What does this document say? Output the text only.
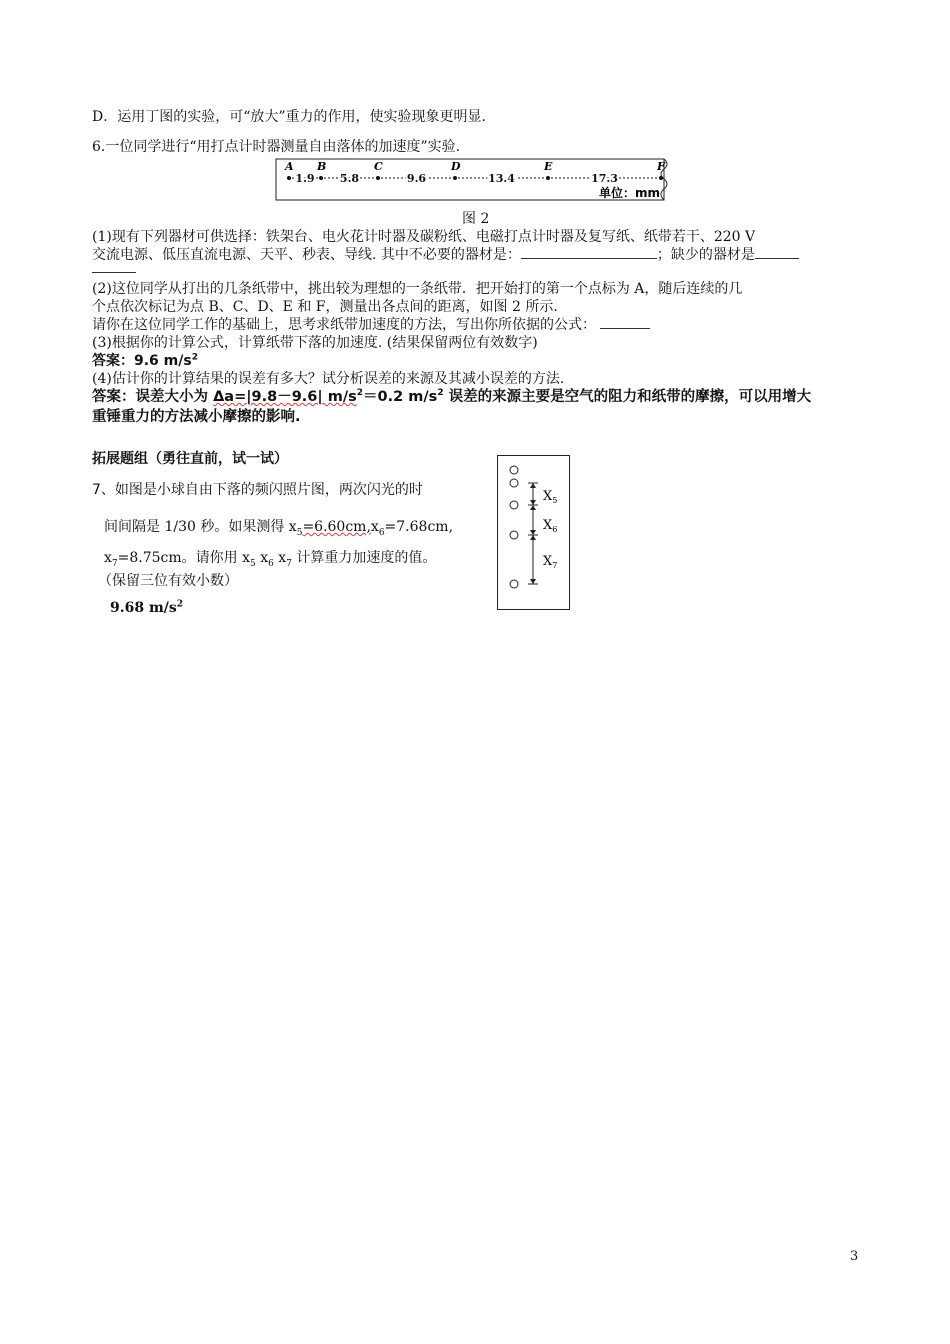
D．运用丁图的实验，可“放大”重力的作用，使实验现象更明显.
6.一位同学进行“用打点计时器测量自由落体的加速度”实验.
A B	C	D	E	F
1.9 5.8	9.6	13.4	17.3
单位：mm
图 2
(1)现有下列器材可供选择：铁架台、电火花计时器及碳粉纸、电磁打点计时器及复写纸、纸带若干、220 V
交流电源、低压直流电源、天平、秒表、导线. 其中不必要的器材是：	；缺少的器材是
(2)这位同学从打出的几条纸带中，挑出较为理想的一条纸带．把开始打的第一个点标为 A，随后连续的几
个点依次标记为点 B、C、D、E 和 F，测量出各点间的距离，如图 2 所示.
请你在这位同学工作的基础上，思考求纸带加速度的方法，写出你所依据的公式：
(3)根据你的计算公式，计算纸带下落的加速度. (结果保留两位有效数字)
答案：9.6 $m/s^2$
(4)估计你的计算结果的误差有多大？试分析误差的来源及其减小误差的方法.
答案：误差大小为 Δa=|9.8－9.6| $m/s^2=0.2$ $m/s^2$ 误差的来源主要是空气的阻力和纸带的摩擦，可以用增大
重锤重力的方法减小摩擦的影响.
拓展题组（勇往直前，试一试）
7、如图是小球自由下落的频闪照片图，两次闪光的时
间间隔是 1/30 秒。如果测得 $x_5=6.60cm,x_6=7.68cm$,
$x_7=8.75cm$。请你用 $x_5$ $x_6$ $x_7$ 计算重力加速度的值。
（保留三位有效小数）
9.68 $m/s^2$
$X_5$
$X_6$
$X_7$
3
